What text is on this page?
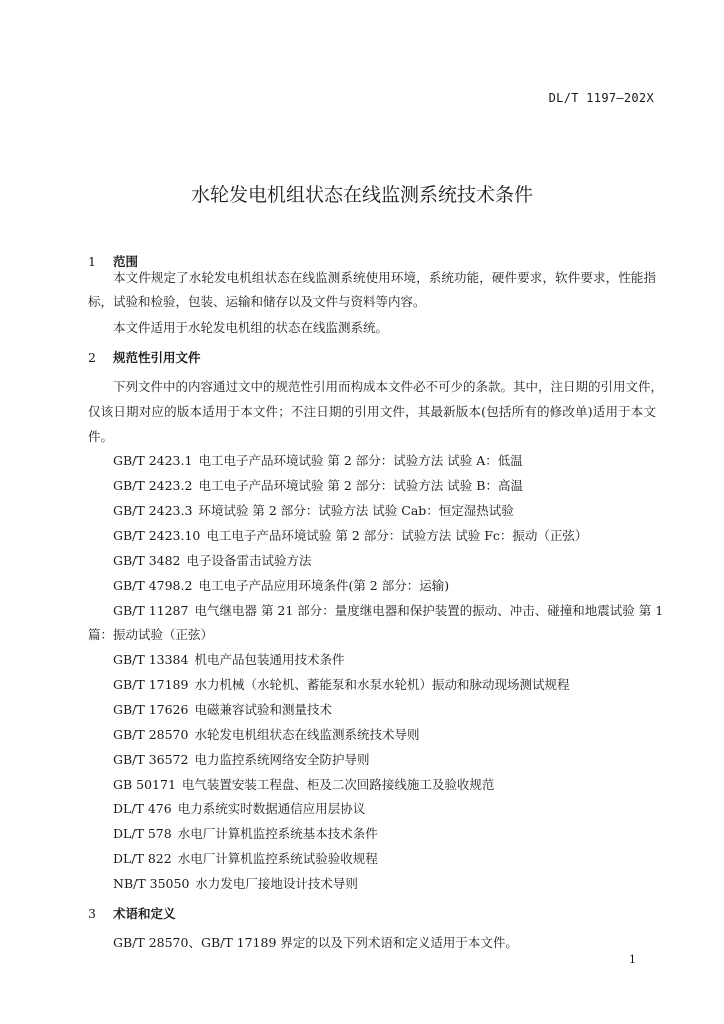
DL/T 1197—202X
水轮发电机组状态在线监测系统技术条件
1 范围
本文件规定了水轮发电机组状态在线监测系统使用环境，系统功能，硬件要求，软件要求，性能指
标，试验和检验，包装、运输和储存以及文件与资料等内容。
本文件适用于水轮发电机组的状态在线监测系统。
2 规范性引用文件
下列文件中的内容通过文中的规范性引用而构成本文件必不可少的条款。其中，注日期的引用文件，
仅该日期对应的版本适用于本文件；不注日期的引用文件，其最新版本(包括所有的修改单)适用于本文
件。
GB/T 2423.1 电工电子产品环境试验 第 2 部分：试验方法 试验 A：低温
GB/T 2423.2 电工电子产品环境试验 第 2 部分：试验方法 试验 B：高温
GB/T 2423.3 环境试验 第 2 部分：试验方法 试验 Cab：恒定湿热试验
GB/T 2423.10 电工电子产品环境试验 第 2 部分：试验方法 试验 Fc：振动（正弦）
GB/T 3482 电子设备雷击试验方法
GB/T 4798.2 电工电子产品应用环境条件(第 2 部分：运输)
GB/T 11287 电气继电器 第 21 部分：量度继电器和保护装置的振动、冲击、碰撞和地震试验 第 1
篇：振动试验（正弦）
GB/T 13384 机电产品包装通用技术条件
GB/T 17189 水力机械（水轮机、蓄能泵和水泵水轮机）振动和脉动现场测试规程
GB/T 17626 电磁兼容试验和测量技术
GB/T 28570 水轮发电机组状态在线监测系统技术导则
GB/T 36572 电力监控系统网络安全防护导则
GB 50171 电气装置安装工程盘、柜及二次回路接线施工及验收规范
DL/T 476 电力系统实时数据通信应用层协议
DL/T 578 水电厂计算机监控系统基本技术条件
DL/T 822 水电厂计算机监控系统试验验收规程
NB/T 35050 水力发电厂接地设计技术导则
3 术语和定义
GB/T 28570、GB/T 17189 界定的以及下列术语和定义适用于本文件。
1
